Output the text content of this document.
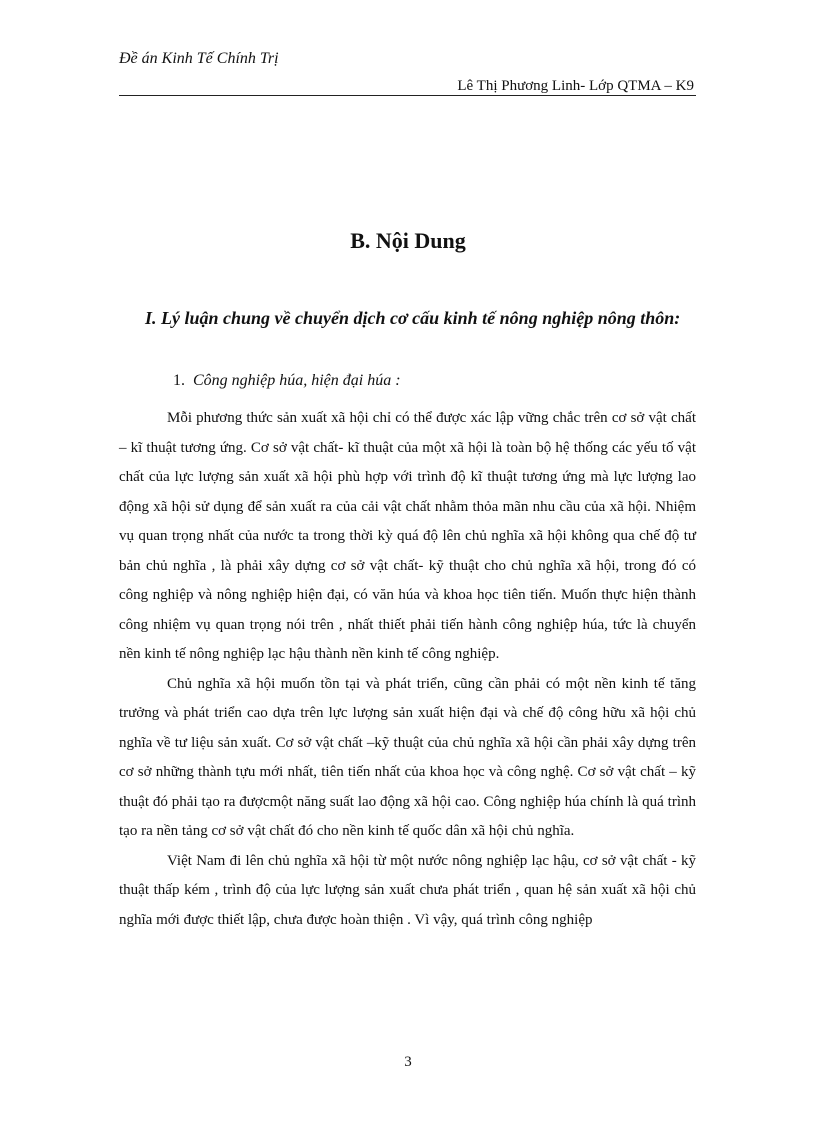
Đề án Kinh Tế Chính Trị
Lê Thị Phương Linh- Lớp QTMA – K9
B. Nội Dung
I. Lý luận chung về chuyển dịch cơ cấu kinh tế nông nghiệp nông thôn:
1. Công nghiệp húa, hiện đại húa :

Mỗi phương thức sản xuất xã hội chỉ có thể được xác lập vững chắc trên cơ sở vật chất – kĩ thuật tương ứng. Cơ sở vật chất- kĩ thuật của một xã hội là toàn bộ hệ thống các yếu tố vật chất của lực lượng sản xuất xã hội phù hợp với trình độ kĩ thuật tương ứng mà lực lượng lao động xã hội sử dụng để sản xuất ra của cải vật chất nhằm thỏa mãn nhu cầu của xã hội. Nhiệm vụ quan trọng nhất của nước ta trong thời kỳ quá độ lên chủ nghĩa xã hội không qua chế độ tư bản chủ nghĩa , là phải xây dựng cơ sở vật chất- kỹ thuật cho chủ nghĩa xã hội, trong đó có công nghiệp và nông nghiệp hiện đại, có văn húa và khoa học tiên tiến. Muốn thực hiện thành công nhiệm vụ quan trọng nói trên , nhất thiết phải tiến hành công nghiệp húa, tức là chuyển nền kinh tế nông nghiệp lạc hậu thành nền kinh tế công nghiệp.

Chủ nghĩa xã hội muốn tồn tại và phát triển, cũng cần phải có một nền kinh tế tăng trưởng và phát triển cao dựa trên lực lượng sản xuất hiện đại và chế độ công hữu xã hội chủ nghĩa về tư liệu sản xuất. Cơ sở vật chất –kỹ thuật của chủ nghĩa xã hội cần phải xây dựng trên cơ sở những thành tựu mới nhất, tiên tiến nhất của khoa học và công nghệ. Cơ sở vật chất – kỹ thuật đó phải tạo ra đượcmột năng suất lao động xã hội cao. Công nghiệp húa chính là quá trình tạo ra nền tảng cơ sở vật chất đó cho nền kinh tế quốc dân xã hội chủ nghĩa.

Việt Nam đi lên chủ nghĩa xã hội từ một nước nông nghiệp lạc hậu, cơ sở vật chất - kỹ thuật thấp kém , trình độ của lực lượng sản xuất chưa phát triển , quan hệ sản xuất xã hội chủ nghĩa mới được thiết lập, chưa được hoàn thiện . Vì vậy, quá trình công nghiệp

3
